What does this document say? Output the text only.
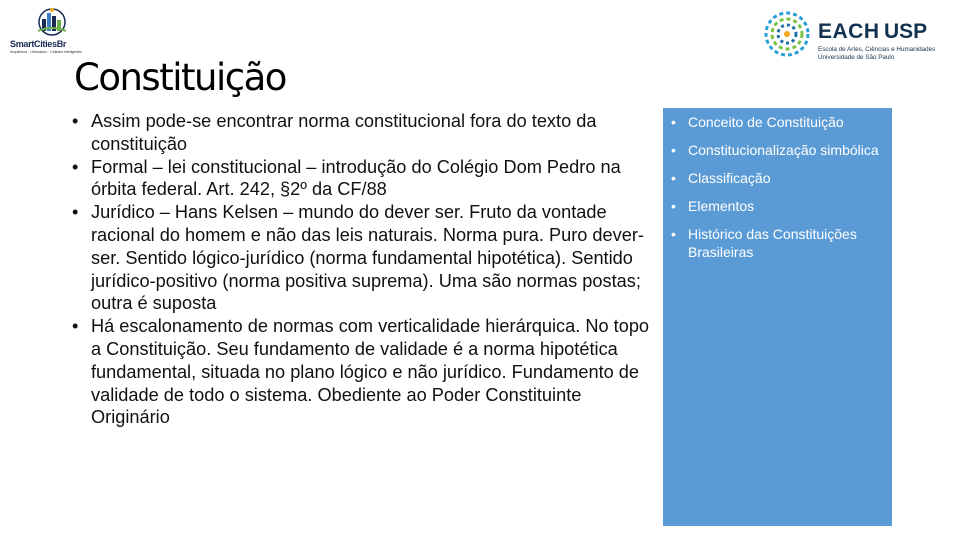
SmartCitiesBr
Arquitetura · Urbanismo · Cidades Inteligentes
EACH USP
Escola de Artes, Ciências e Humanidades
Universidade de São Paulo
Constituição
• Assim pode-se encontrar norma constitucional fora do texto da constituição
• Formal – lei constitucional – introdução do Colégio Dom Pedro na órbita federal. Art. 242, §2º da CF/88
• Jurídico – Hans Kelsen – mundo do dever ser. Fruto da vontade racional do homem e não das leis naturais. Norma pura. Puro dever-ser. Sentido lógico-jurídico (norma fundamental hipotética). Sentido jurídico-positivo (norma positiva suprema). Uma são normas postas; outra é suposta
• Há escalonamento de normas com verticalidade hierárquica. No topo a Constituição. Seu fundamento de validade é a norma hipotética fundamental, situada no plano lógico e não jurídico. Fundamento de validade de todo o sistema. Obediente ao Poder Constituinte Originário
• Conceito de Constituição
• Constitucionalização simbólica
• Classificação
• Elementos
• Histórico das Constituições Brasileiras
